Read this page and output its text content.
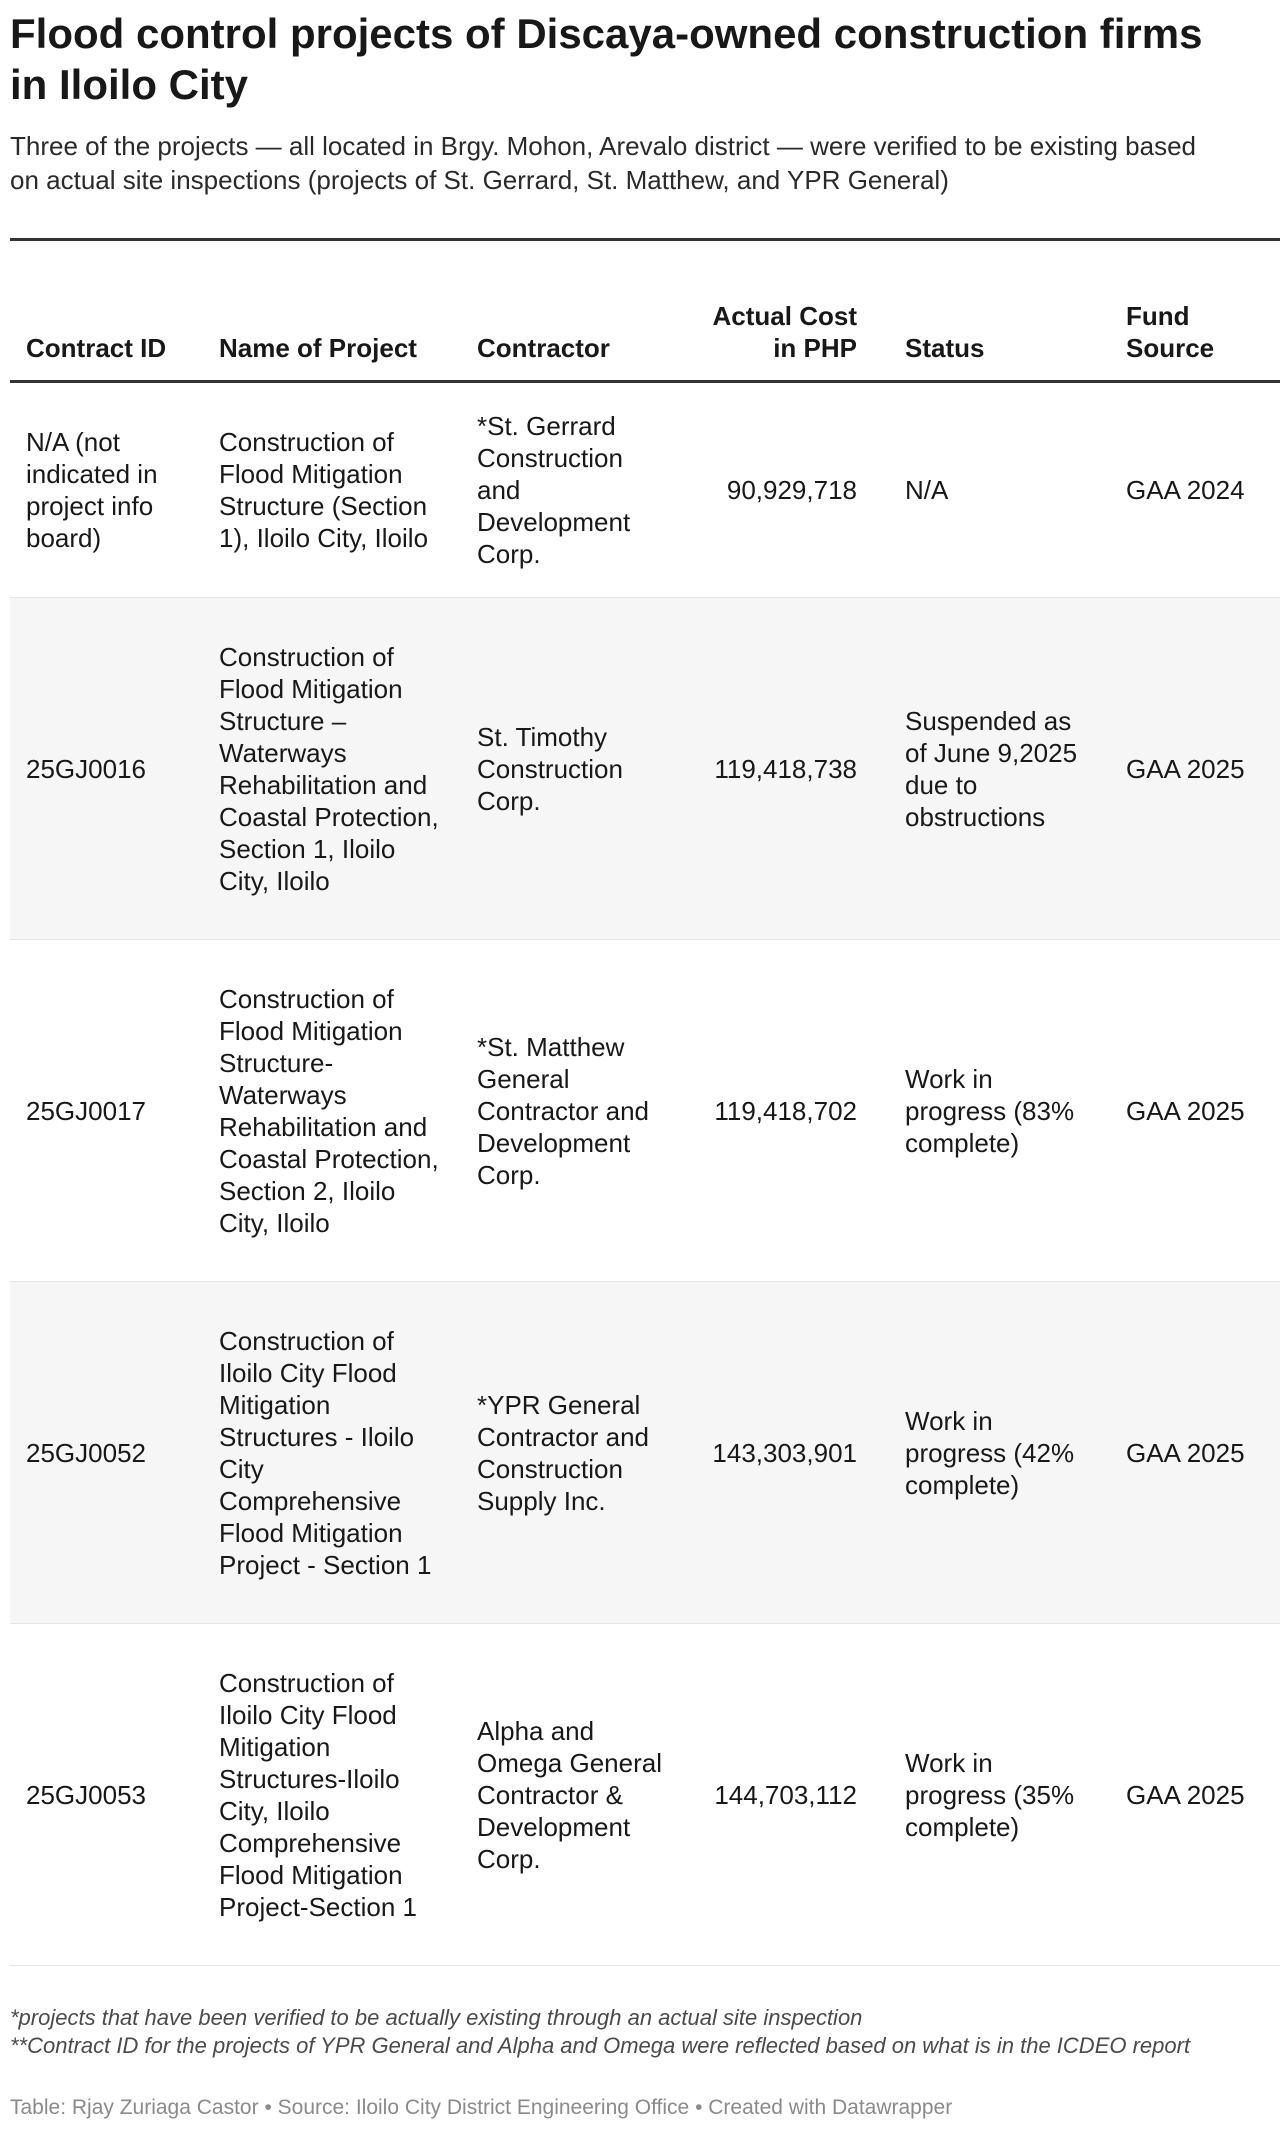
Flood control projects of Discaya-owned construction firms in Iloilo City

Three of the projects — all located in Brgy. Mohon, Arevalo district — were verified to be existing based on actual site inspections (projects of St. Gerrard, St. Matthew, and YPR General)

Contract ID	Name of Project	Contractor	Actual Cost in PHP	Status	Fund Source
N/A (not indicated in project info board)	Construction of Flood Mitigation Structure (Section 1), Iloilo City, Iloilo	*St. Gerrard Construction and Development Corp.	90,929,718	N/A	GAA 2024
25GJ0016	Construction of Flood Mitigation Structure – Waterways Rehabilitation and Coastal Protection, Section 1, Iloilo City, Iloilo	St. Timothy Construction Corp.	119,418,738	Suspended as of June 9,2025 due to obstructions	GAA 2025
25GJ0017	Construction of Flood Mitigation Structure-Waterways Rehabilitation and Coastal Protection, Section 2, Iloilo City, Iloilo	*St. Matthew General Contractor and Development Corp.	119,418,702	Work in progress (83% complete)	GAA 2025
25GJ0052	Construction of Iloilo City Flood Mitigation Structures - Iloilo City Comprehensive Flood Mitigation Project - Section 1	*YPR General Contractor and Construction Supply Inc.	143,303,901	Work in progress (42% complete)	GAA 2025
25GJ0053	Construction of Iloilo City Flood Mitigation Structures-Iloilo City, Iloilo Comprehensive Flood Mitigation Project-Section 1	Alpha and Omega General Contractor & Development Corp.	144,703,112	Work in progress (35% complete)	GAA 2025
*projects that have been verified to be actually existing through an actual site inspection
**Contract ID for the projects of YPR General and Alpha and Omega were reflected based on what is in the ICDEO report
Table: Rjay Zuriaga Castor • Source: Iloilo City District Engineering Office • Created with Datawrapper
